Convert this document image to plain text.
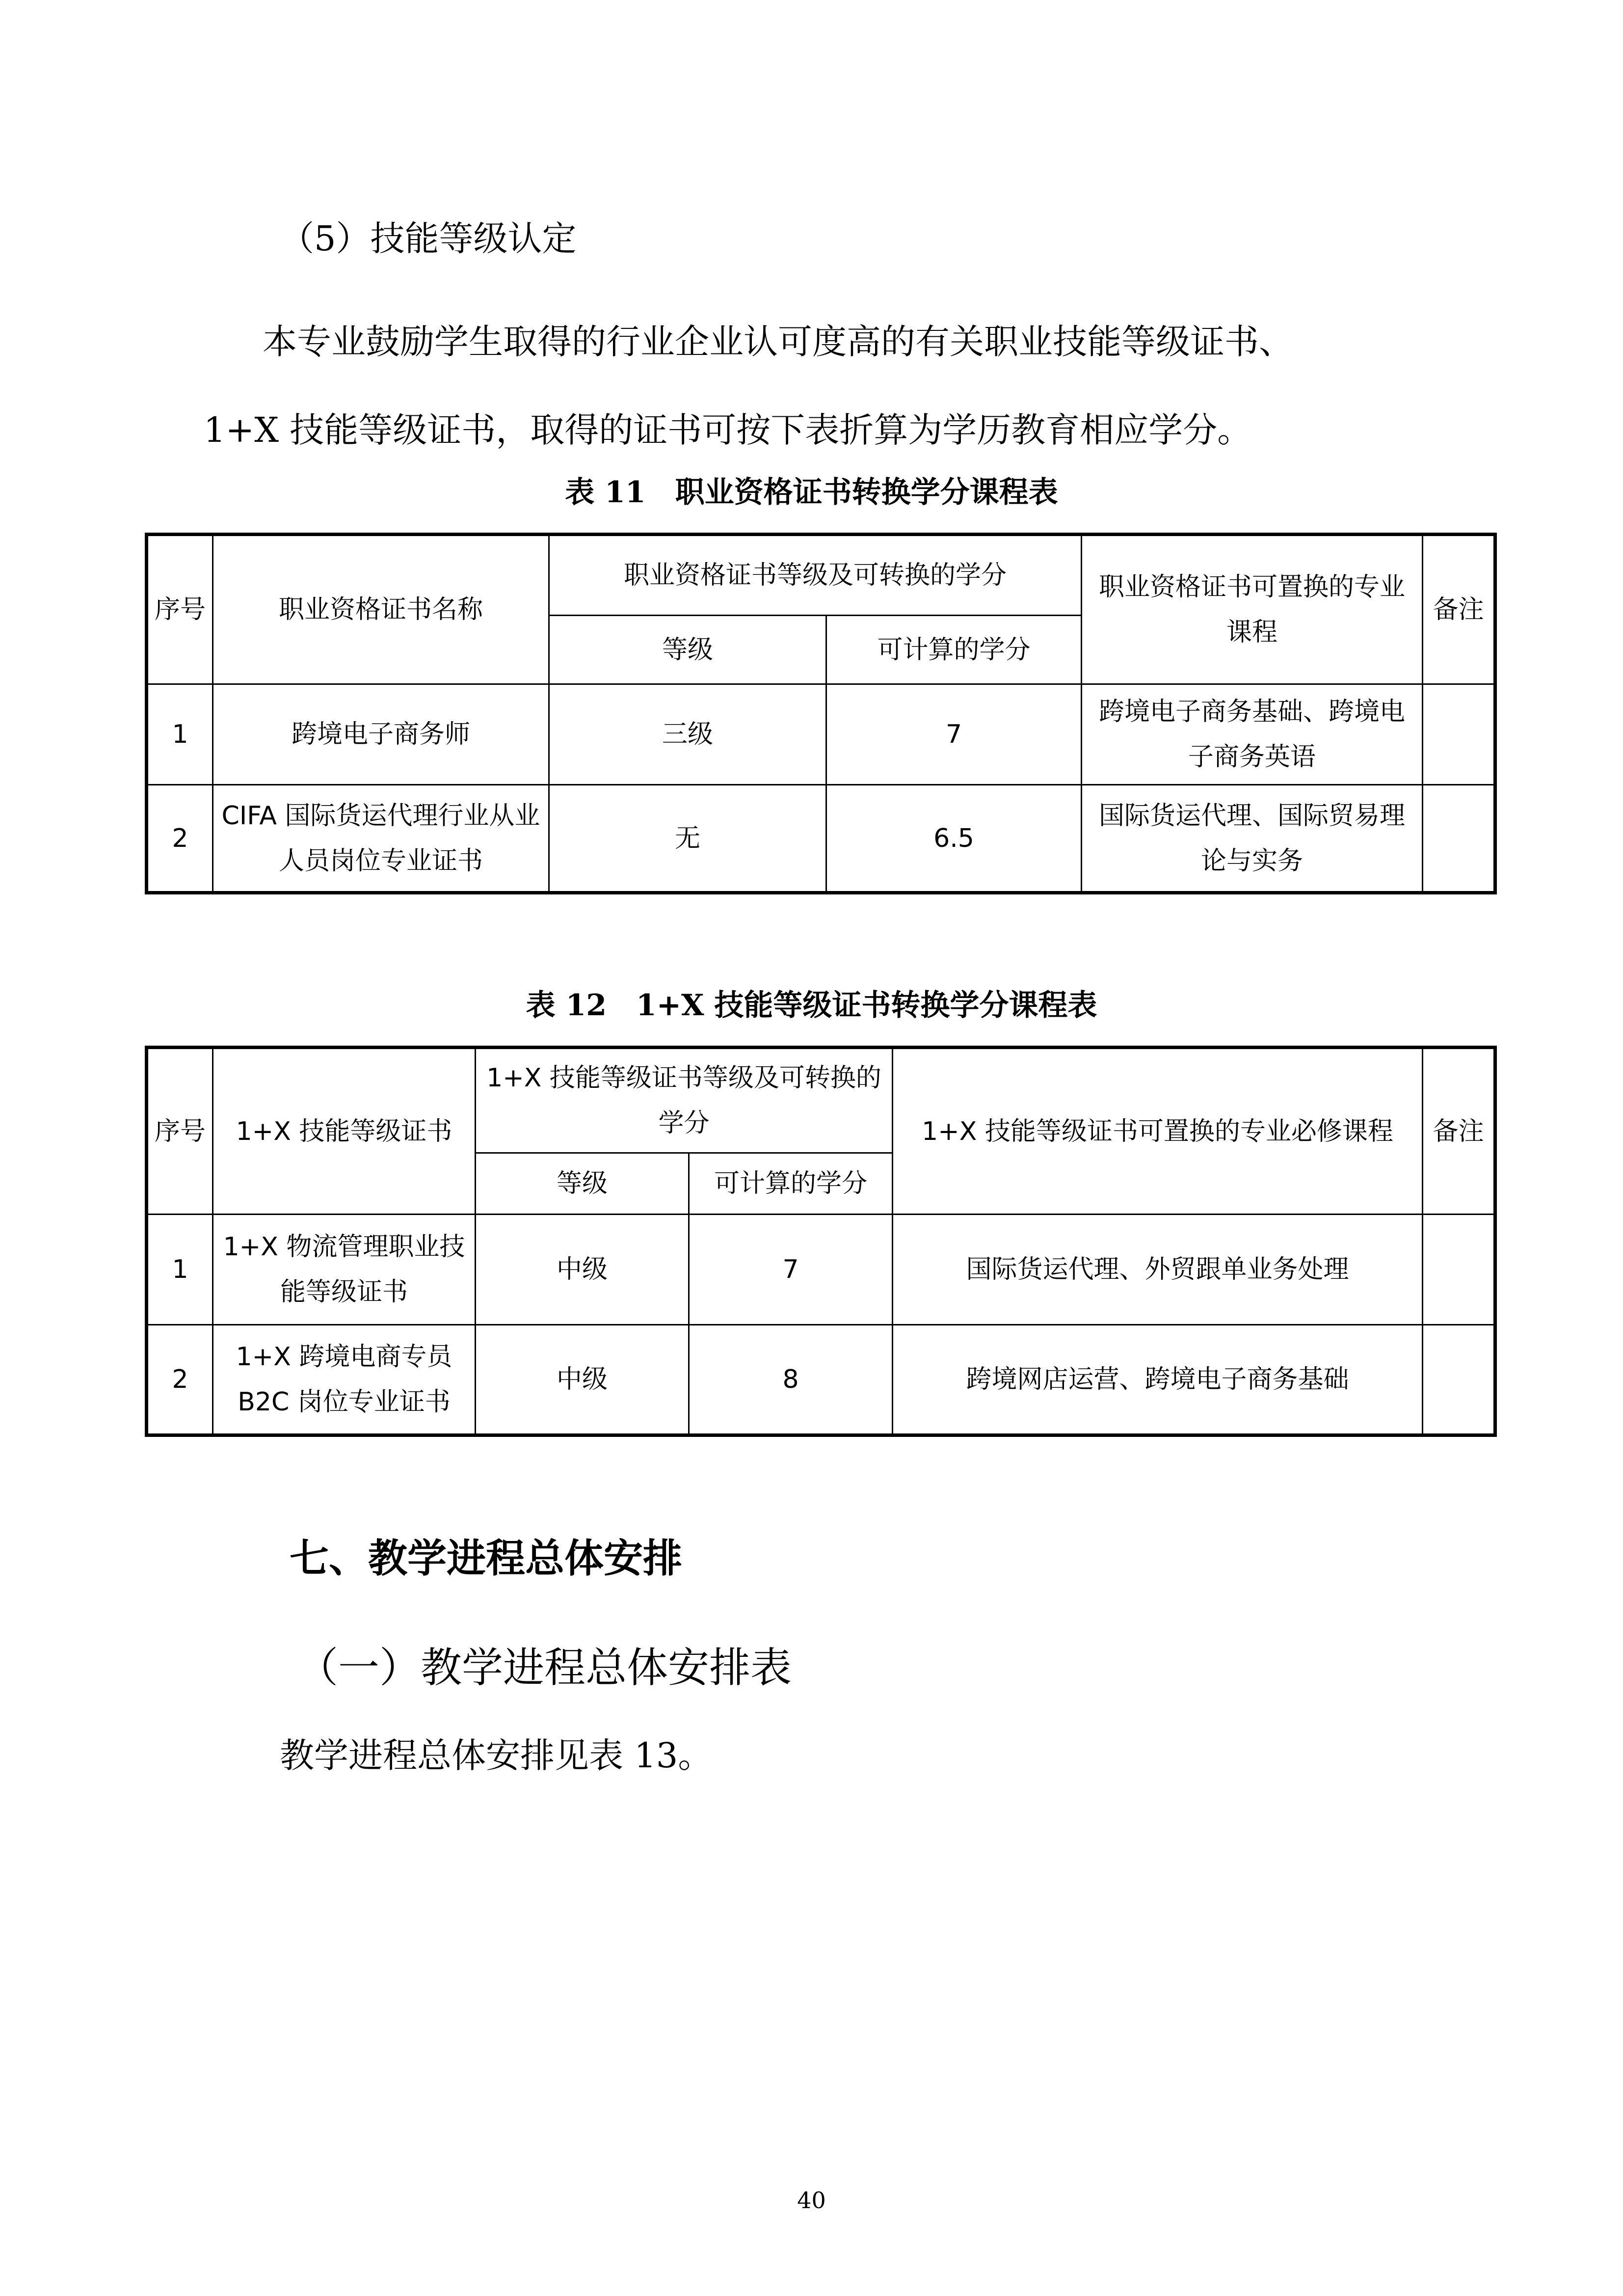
（5）技能等级认定
本专业鼓励学生取得的行业企业认可度高的有关职业技能等级证书、
1+X 技能等级证书，取得的证书可按下表折算为学历教育相应学分。
表 11 职业资格证书转换学分课程表
序号	职业资格证书名称	职业资格证书等级及可转换的学分		职业资格证书可置换的专业课程	备注
		等级	可计算的学分		
1	跨境电子商务师	三级	7	跨境电子商务基础、跨境电子商务英语	
2	CIFA 国际货运代理行业从业人员岗位专业证书	无	6.5	国际货运代理、国际贸易理论与实务	
表 12 1+X 技能等级证书转换学分课程表
序号	1+X 技能等级证书	1+X 技能等级证书等级及可转换的学分		1+X 技能等级证书可置换的专业必修课程	备注
		等级	可计算的学分		
1	1+X 物流管理职业技能等级证书	中级	7	国际货运代理、外贸跟单业务处理	
2	1+X 跨境电商专员 B2C 岗位专业证书	中级	8	跨境网店运营、跨境电子商务基础	
七、教学进程总体安排
（一）教学进程总体安排表
教学进程总体安排见表 13。
40
